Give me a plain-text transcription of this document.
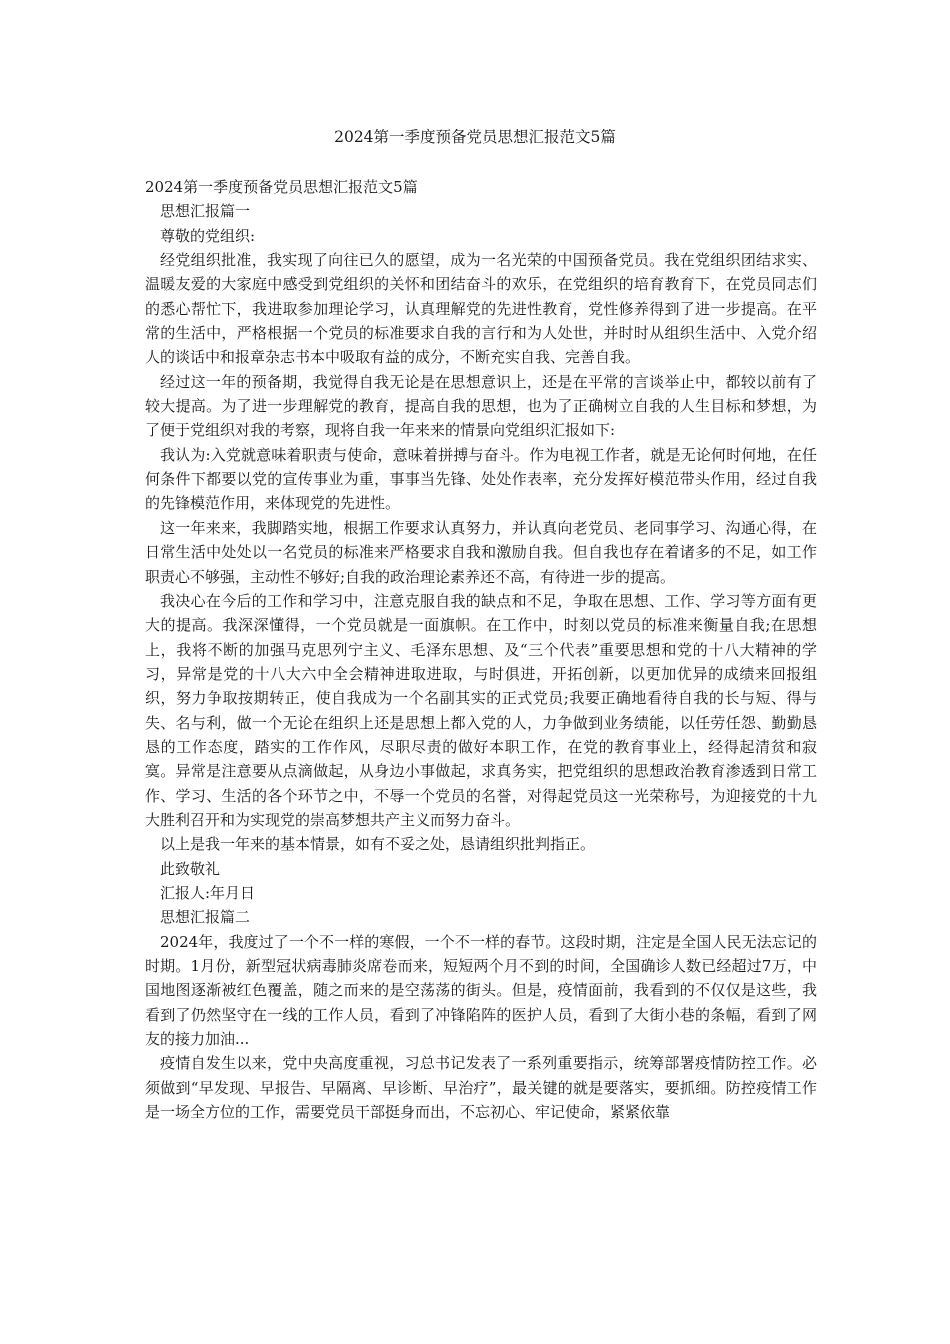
2024第一季度预备党员思想汇报范文5篇

2024第一季度预备党员思想汇报范文5篇

思想汇报篇一

尊敬的党组织:

经党组织批准，我实现了向往已久的愿望，成为一名光荣的中国预备党员。我在党组织团结求实、温暖友爱的大家庭中感受到党组织的关怀和团结奋斗的欢乐，在党组织的培育教育下，在党员同志们的悉心帮忙下，我进取参加理论学习，认真理解党的先进性教育，党性修养得到了进一步提高。在平常的生活中，严格根据一个党员的标准要求自我的言行和为人处世，并时时从组织生活中、入党介绍人的谈话中和报章杂志书本中吸取有益的成分，不断充实自我、完善自我。

经过这一年的预备期，我觉得自我无论是在思想意识上，还是在平常的言谈举止中，都较以前有了较大提高。为了进一步理解党的教育，提高自我的思想，也为了正确树立自我的人生目标和梦想，为了便于党组织对我的考察，现将自我一年来来的情景向党组织汇报如下:

我认为:入党就意味着职责与使命，意味着拼搏与奋斗。作为电视工作者，就是无论何时何地，在任何条件下都要以党的宣传事业为重，事事当先锋、处处作表率，充分发挥好模范带头作用，经过自我的先锋模范作用，来体现党的先进性。

这一年来来，我脚踏实地，根据工作要求认真努力，并认真向老党员、老同事学习、沟通心得，在日常生活中处处以一名党员的标准来严格要求自我和激励自我。但自我也存在着诸多的不足，如工作职责心不够强，主动性不够好;自我的政治理论素养还不高，有待进一步的提高。

我决心在今后的工作和学习中，注意克服自我的缺点和不足，争取在思想、工作、学习等方面有更大的提高。我深深懂得，一个党员就是一面旗帜。在工作中，时刻以党员的标准来衡量自我;在思想上，我将不断的加强马克思列宁主义、毛泽东思想、及“三个代表”重要思想和党的十八大精神的学习，异常是党的十八大六中全会精神进取进取，与时俱进，开拓创新，以更加优异的成绩来回报组织，努力争取按期转正，使自我成为一个名副其实的正式党员;我要正确地看待自我的长与短、得与失、名与利，做一个无论在组织上还是思想上都入党的人，力争做到业务绩能，以任劳任怨、勤勤恳恳的工作态度，踏实的工作作风，尽职尽责的做好本职工作，在党的教育事业上，经得起清贫和寂寞。异常是注意要从点滴做起，从身边小事做起，求真务实，把党组织的思想政治教育渗透到日常工作、学习、生活的各个环节之中，不辱一个党员的名誉，对得起党员这一光荣称号，为迎接党的十九大胜利召开和为实现党的崇高梦想共产主义而努力奋斗。

以上是我一年来的基本情景，如有不妥之处，恳请组织批判指正。

此致敬礼

汇报人:年月日

思想汇报篇二

2024年，我度过了一个不一样的寒假，一个不一样的春节。这段时期，注定是全国人民无法忘记的时期。1月份，新型冠状病毒肺炎席卷而来，短短两个月不到的时间，全国确诊人数已经超过7万，中国地图逐渐被红色覆盖，随之而来的是空荡荡的街头。但是，疫情面前，我看到的不仅仅是这些，我看到了仍然坚守在一线的工作人员，看到了冲锋陷阵的医护人员，看到了大街小巷的条幅，看到了网友的接力加油...

疫情自发生以来，党中央高度重视，习总书记发表了一系列重要指示，统筹部署疫情防控工作。必须做到“早发现、早报告、早隔离、早诊断、早治疗”，最关键的就是要落实，要抓细。防控疫情工作是一场全方位的工作，需要党员干部挺身而出，不忘初心、牢记使命，紧紧依靠
